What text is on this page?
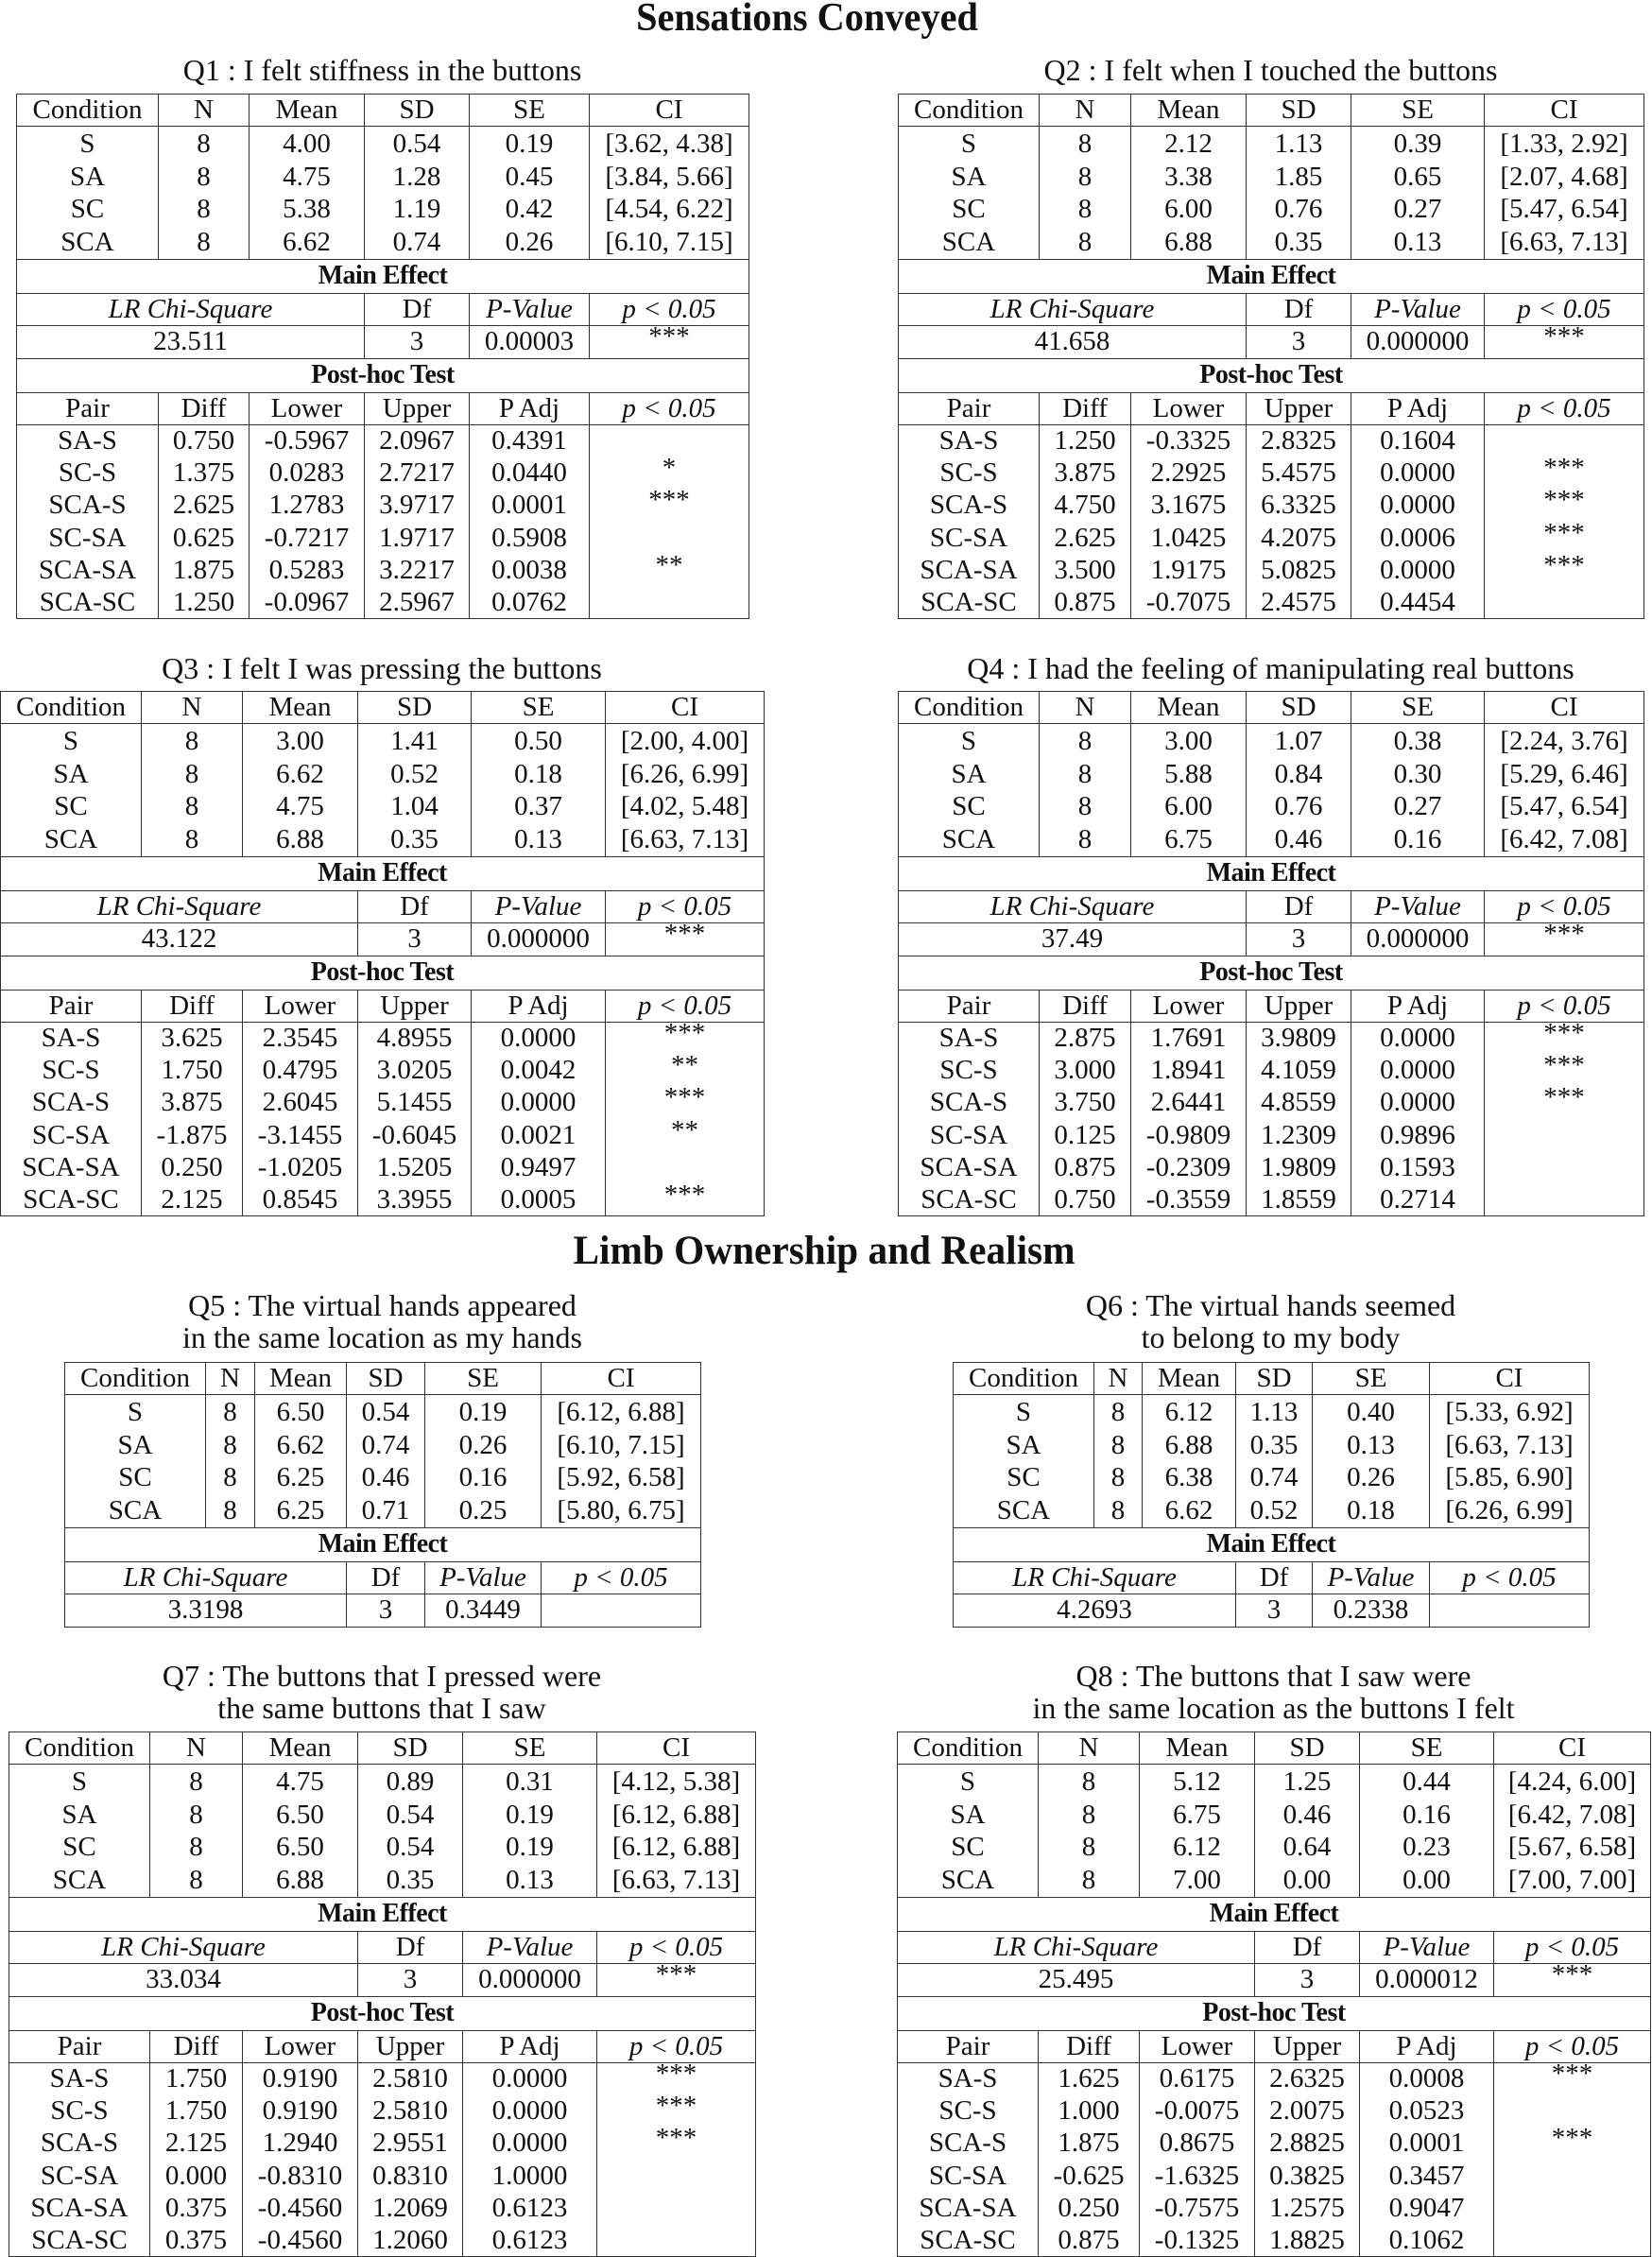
Sensations Conveyed
Limb Ownership and Realism
Q1 : I felt stiffness in the buttons
Condition	N	Mean	SD	SE	CI
S	8	4.00	0.54	0.19	[3.62, 4.38]
SA	8	4.75	1.28	0.45	[3.84, 5.66]
SC	8	5.38	1.19	0.42	[4.54, 6.22]
SCA	8	6.62	0.74	0.26	[6.10, 7.15]
Main Effect					
LR Chi-Square			Df	P-Value	p < 0.05
23.511			3	0.00003	***
Post-hoc Test					
Pair	Diff	Lower	Upper	P Adj	p < 0.05
SA-S	0.750	-0.5967	2.0967	0.4391	
SC-S	1.375	0.0283	2.7217	0.0440	*
SCA-S	2.625	1.2783	3.9717	0.0001	***
SC-SA	0.625	-0.7217	1.9717	0.5908	
SCA-SA	1.875	0.5283	3.2217	0.0038	**
SCA-SC	1.250	-0.0967	2.5967	0.0762	
Q2 : I felt when I touched the buttons
Condition	N	Mean	SD	SE	CI
S	8	2.12	1.13	0.39	[1.33, 2.92]
SA	8	3.38	1.85	0.65	[2.07, 4.68]
SC	8	6.00	0.76	0.27	[5.47, 6.54]
SCA	8	6.88	0.35	0.13	[6.63, 7.13]
Main Effect					
LR Chi-Square			Df	P-Value	p < 0.05
41.658			3	0.000000	***
Post-hoc Test					
Pair	Diff	Lower	Upper	P Adj	p < 0.05
SA-S	1.250	-0.3325	2.8325	0.1604	
SC-S	3.875	2.2925	5.4575	0.0000	***
SCA-S	4.750	3.1675	6.3325	0.0000	***
SC-SA	2.625	1.0425	4.2075	0.0006	***
SCA-SA	3.500	1.9175	5.0825	0.0000	***
SCA-SC	0.875	-0.7075	2.4575	0.4454	
Q3 : I felt I was pressing the buttons
Condition	N	Mean	SD	SE	CI
S	8	3.00	1.41	0.50	[2.00, 4.00]
SA	8	6.62	0.52	0.18	[6.26, 6.99]
SC	8	4.75	1.04	0.37	[4.02, 5.48]
SCA	8	6.88	0.35	0.13	[6.63, 7.13]
Main Effect					
LR Chi-Square			Df	P-Value	p < 0.05
43.122			3	0.000000	***
Post-hoc Test					
Pair	Diff	Lower	Upper	P Adj	p < 0.05
SA-S	3.625	2.3545	4.8955	0.0000	***
SC-S	1.750	0.4795	3.0205	0.0042	**
SCA-S	3.875	2.6045	5.1455	0.0000	***
SC-SA	-1.875	-3.1455	-0.6045	0.0021	**
SCA-SA	0.250	-1.0205	1.5205	0.9497	
SCA-SC	2.125	0.8545	3.3955	0.0005	***
Q4 : I had the feeling of manipulating real buttons
Condition	N	Mean	SD	SE	CI
S	8	3.00	1.07	0.38	[2.24, 3.76]
SA	8	5.88	0.84	0.30	[5.29, 6.46]
SC	8	6.00	0.76	0.27	[5.47, 6.54]
SCA	8	6.75	0.46	0.16	[6.42, 7.08]
Main Effect					
LR Chi-Square			Df	P-Value	p < 0.05
37.49			3	0.000000	***
Post-hoc Test					
Pair	Diff	Lower	Upper	P Adj	p < 0.05
SA-S	2.875	1.7691	3.9809	0.0000	***
SC-S	3.000	1.8941	4.1059	0.0000	***
SCA-S	3.750	2.6441	4.8559	0.0000	***
SC-SA	0.125	-0.9809	1.2309	0.9896	
SCA-SA	0.875	-0.2309	1.9809	0.1593	
SCA-SC	0.750	-0.3559	1.8559	0.2714	
Q5 : The virtual hands appeared
in the same location as my hands
Condition	N	Mean	SD	SE	CI
S	8	6.50	0.54	0.19	[6.12, 6.88]
SA	8	6.62	0.74	0.26	[6.10, 7.15]
SC	8	6.25	0.46	0.16	[5.92, 6.58]
SCA	8	6.25	0.71	0.25	[5.80, 6.75]
Main Effect					
LR Chi-Square			Df	P-Value	p < 0.05
3.3198			3	0.3449	
Q6 : The virtual hands seemed
to belong to my body
Condition	N	Mean	SD	SE	CI
S	8	6.12	1.13	0.40	[5.33, 6.92]
SA	8	6.88	0.35	0.13	[6.63, 7.13]
SC	8	6.38	0.74	0.26	[5.85, 6.90]
SCA	8	6.62	0.52	0.18	[6.26, 6.99]
Main Effect					
LR Chi-Square			Df	P-Value	p < 0.05
4.2693			3	0.2338	
Q7 : The buttons that I pressed were
the same buttons that I saw
Condition	N	Mean	SD	SE	CI
S	8	4.75	0.89	0.31	[4.12, 5.38]
SA	8	6.50	0.54	0.19	[6.12, 6.88]
SC	8	6.50	0.54	0.19	[6.12, 6.88]
SCA	8	6.88	0.35	0.13	[6.63, 7.13]
Main Effect					
LR Chi-Square			Df	P-Value	p < 0.05
33.034			3	0.000000	***
Post-hoc Test					
Pair	Diff	Lower	Upper	P Adj	p < 0.05
SA-S	1.750	0.9190	2.5810	0.0000	***
SC-S	1.750	0.9190	2.5810	0.0000	***
SCA-S	2.125	1.2940	2.9551	0.0000	***
SC-SA	0.000	-0.8310	0.8310	1.0000	
SCA-SA	0.375	-0.4560	1.2069	0.6123	
SCA-SC	0.375	-0.4560	1.2060	0.6123	
Q8 : The buttons that I saw were
in the same location as the buttons I felt
Condition	N	Mean	SD	SE	CI
S	8	5.12	1.25	0.44	[4.24, 6.00]
SA	8	6.75	0.46	0.16	[6.42, 7.08]
SC	8	6.12	0.64	0.23	[5.67, 6.58]
SCA	8	7.00	0.00	0.00	[7.00, 7.00]
Main Effect					
LR Chi-Square			Df	P-Value	p < 0.05
25.495			3	0.000012	***
Post-hoc Test					
Pair	Diff	Lower	Upper	P Adj	p < 0.05
SA-S	1.625	0.6175	2.6325	0.0008	***
SC-S	1.000	-0.0075	2.0075	0.0523	
SCA-S	1.875	0.8675	2.8825	0.0001	***
SC-SA	-0.625	-1.6325	0.3825	0.3457	
SCA-SA	0.250	-0.7575	1.2575	0.9047	
SCA-SC	0.875	-0.1325	1.8825	0.1062	
